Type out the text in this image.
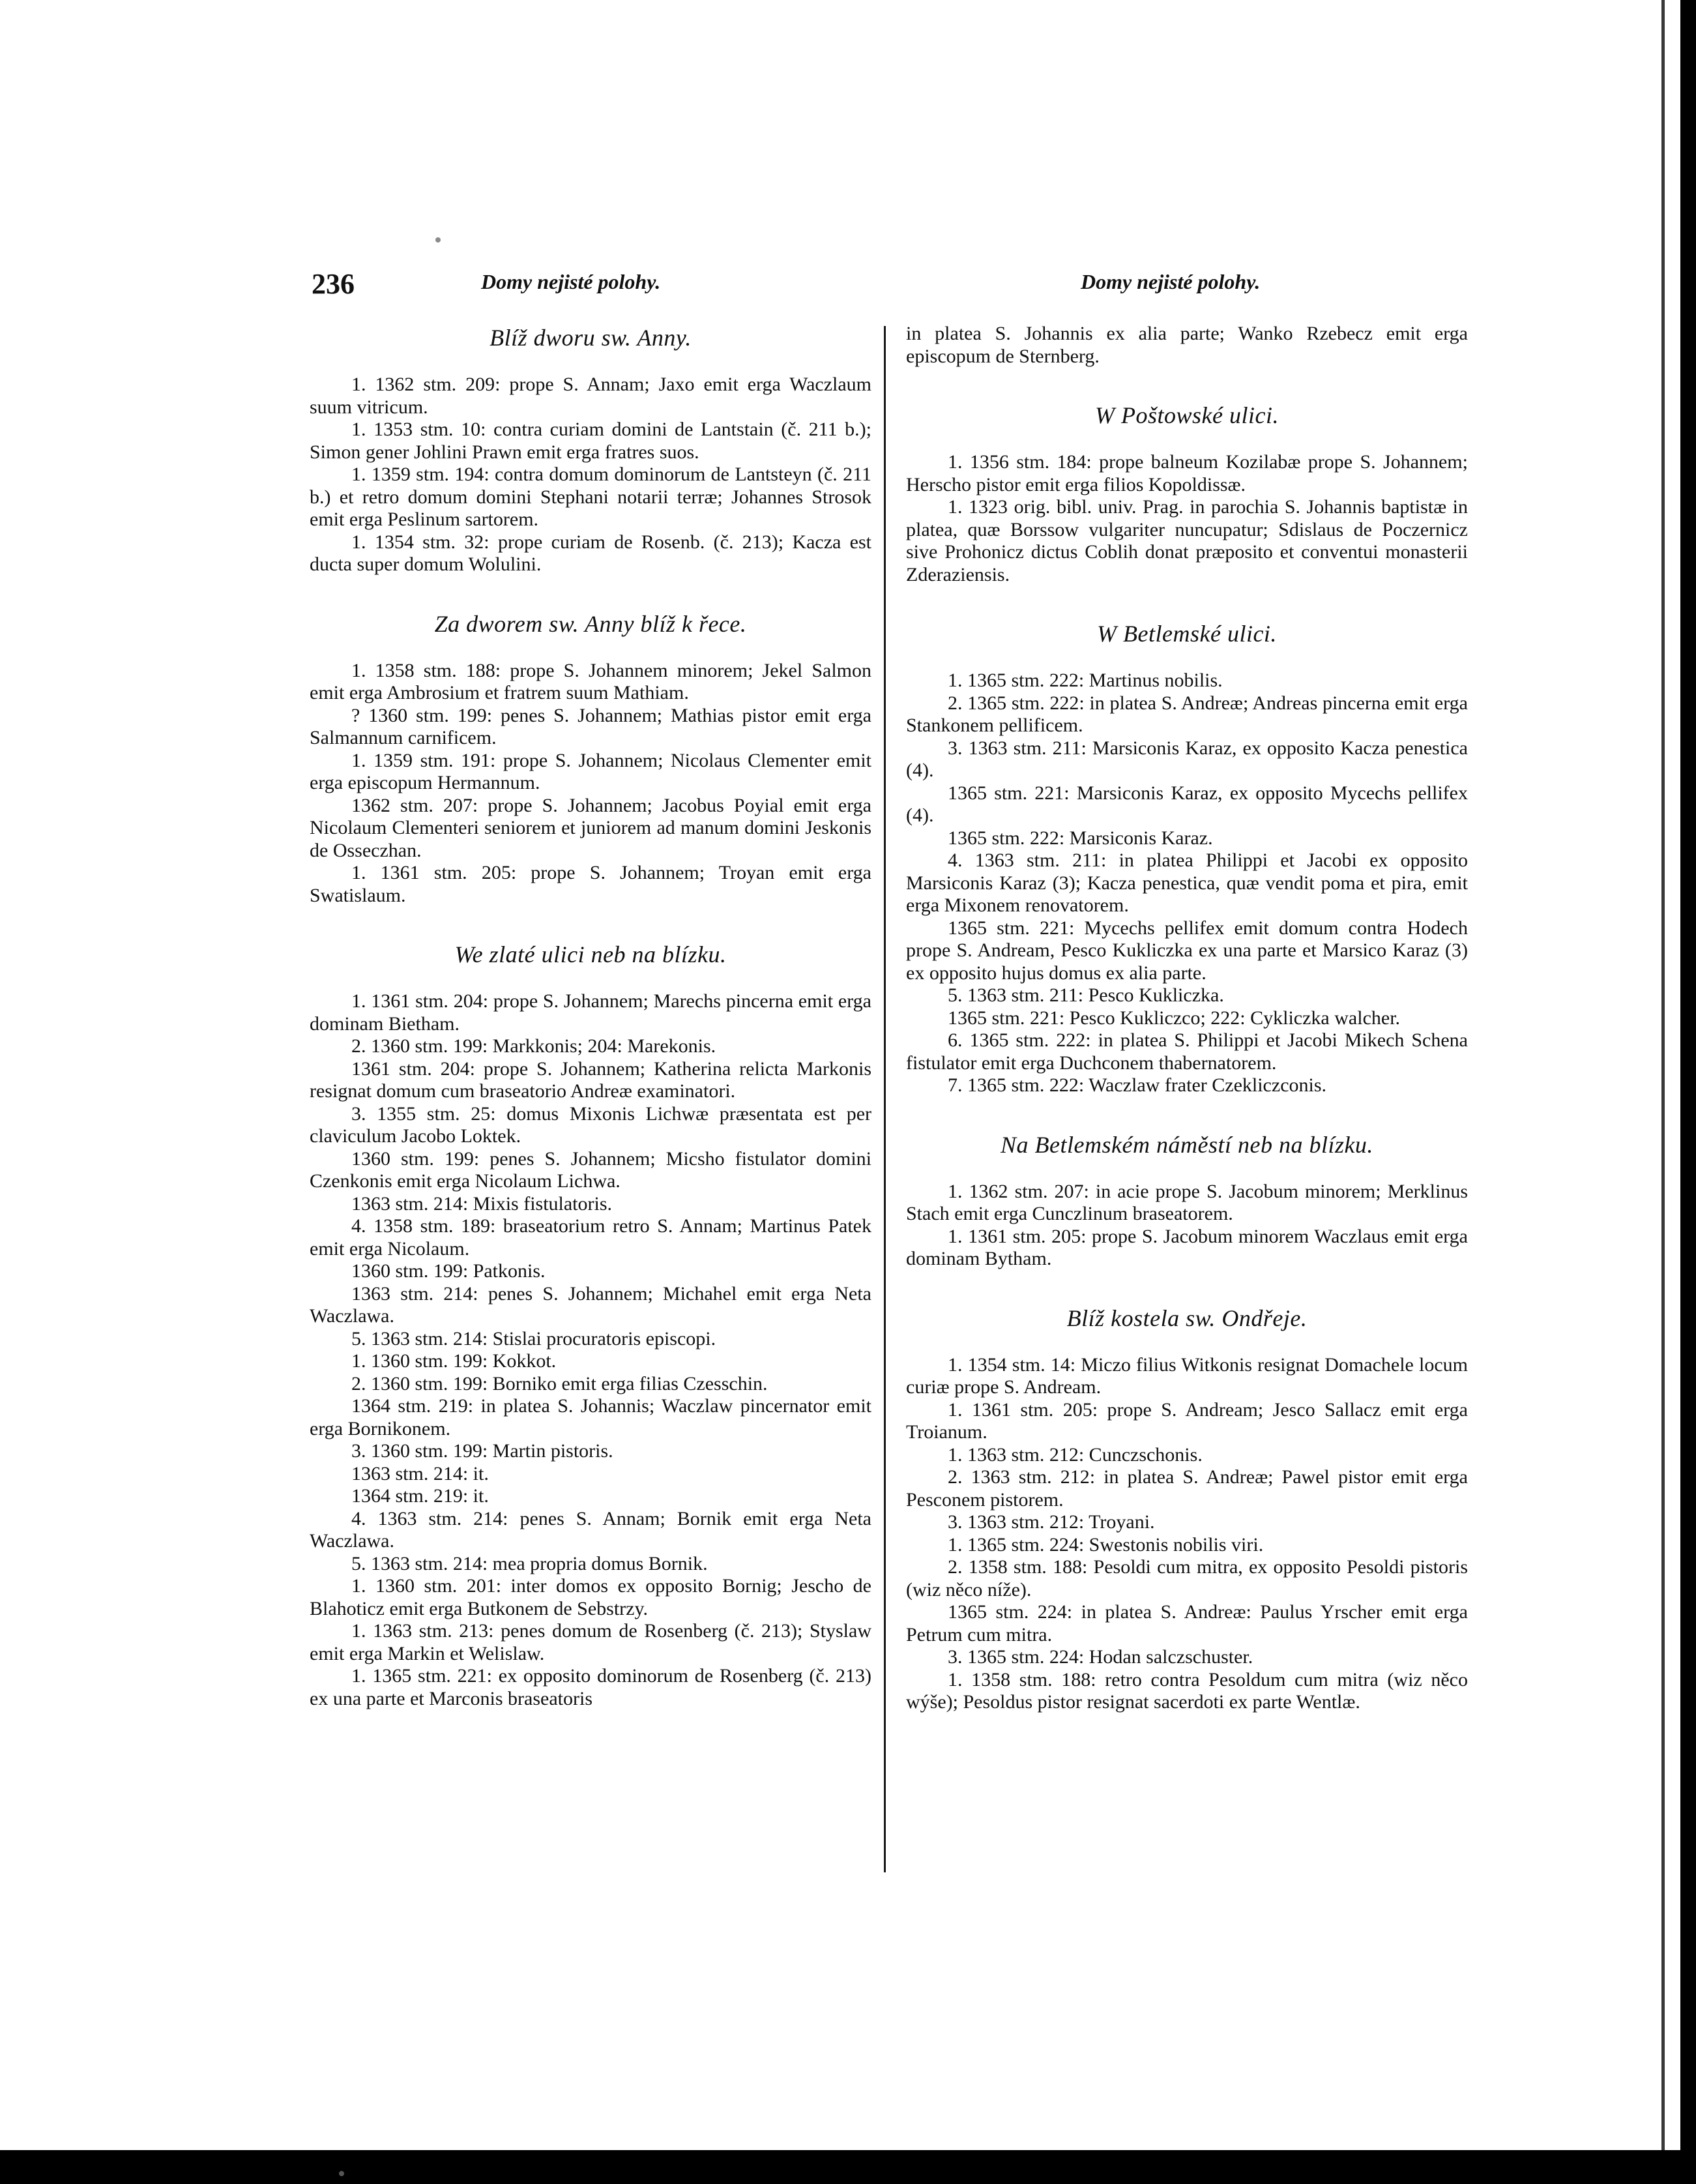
236	Domy nejisté polohy.	Domy nejisté polohy.
Blíž dworu sw. Anny.

1. 1362 stm. 209: prope S. Annam; Jaxo emit erga Waczlaum suum vitricum.

1. 1353 stm. 10: contra curiam domini de Lantstain (č. 211 b.); Simon gener Johlini Prawn emit erga fratres suos.

1. 1359 stm. 194: contra domum dominorum de Lantsteyn (č. 211 b.) et retro domum domini Stephani notarii terræ; Johannes Strosok emit erga Peslinum sartorem.

1. 1354 stm. 32: prope curiam de Rosenb. (č. 213); Kacza est ducta super domum Wolulini.

Za dworem sw. Anny blíž k řece.

1. 1358 stm. 188: prope S. Johannem minorem; Jekel Salmon emit erga Ambrosium et fratrem suum Mathiam.

? 1360 stm. 199: penes S. Johannem; Mathias pistor emit erga Salmannum carnificem.

1. 1359 stm. 191: prope S. Johannem; Nicolaus Clementer emit erga episcopum Hermannum.

1362 stm. 207: prope S. Johannem; Jacobus Poyial emit erga Nicolaum Clementeri seniorem et juniorem ad manum domini Jeskonis de Osseczhan.

1. 1361 stm. 205: prope S. Johannem; Troyan emit erga Swatislaum.

We zlaté ulici neb na blízku.

1. 1361 stm. 204: prope S. Johannem; Marechs pincerna emit erga dominam Bietham.

2. 1360 stm. 199: Markkonis; 204: Marekonis.

1361 stm. 204: prope S. Johannem; Katherina relicta Markonis resignat domum cum braseatorio Andreæ examinatori.

3. 1355 stm. 25: domus Mixonis Lichwæ præsentata est per claviculum Jacobo Loktek.

1360 stm. 199: penes S. Johannem; Micsho fistulator domini Czenkonis emit erga Nicolaum Lichwa.

1363 stm. 214: Mixis fistulatoris.

4. 1358 stm. 189: braseatorium retro S. Annam; Martinus Patek emit erga Nicolaum.

1360 stm. 199: Patkonis.

1363 stm. 214: penes S. Johannem; Michahel emit erga Neta Waczlawa.

5. 1363 stm. 214: Stislai procuratoris episcopi.

1. 1360 stm. 199: Kokkot.

2. 1360 stm. 199: Borniko emit erga filias Czesschin.

1364 stm. 219: in platea S. Johannis; Waczlaw pincernator emit erga Bornikonem.

3. 1360 stm. 199: Martin pistoris.

1363 stm. 214: it.

1364 stm. 219: it.

4. 1363 stm. 214: penes S. Annam; Bornik emit erga Neta Waczlawa.

5. 1363 stm. 214: mea propria domus Bornik.

1. 1360 stm. 201: inter domos ex opposito Bornig; Jescho de Blahoticz emit erga Butkonem de Sebstrzy.

1. 1363 stm. 213: penes domum de Rosenberg (č. 213); Styslaw emit erga Markin et Welislaw.

1. 1365 stm. 221: ex opposito dominorum de Rosenberg (č. 213) ex una parte et Marconis braseatoris

in platea S. Johannis ex alia parte; Wanko Rzebecz emit erga episcopum de Sternberg.

W Poštowské ulici.

1. 1356 stm. 184: prope balneum Kozilabæ prope S. Johannem; Herscho pistor emit erga filios Kopoldissæ.

1. 1323 orig. bibl. univ. Prag. in parochia S. Johannis baptistæ in platea, quæ Borssow vulgariter nuncupatur; Sdislaus de Poczernicz sive Prohonicz dictus Coblih donat præposito et conventui monasterii Zderaziensis.

W Betlemské ulici.

1. 1365 stm. 222: Martinus nobilis.

2. 1365 stm. 222: in platea S. Andreæ; Andreas pincerna emit erga Stankonem pellificem.

3. 1363 stm. 211: Marsiconis Karaz, ex opposito Kacza penestica (4).

1365 stm. 221: Marsiconis Karaz, ex opposito Mycechs pellifex (4).

1365 stm. 222: Marsiconis Karaz.

4. 1363 stm. 211: in platea Philippi et Jacobi ex opposito Marsiconis Karaz (3); Kacza penestica, quæ vendit poma et pira, emit erga Mixonem renovatorem.

1365 stm. 221: Mycechs pellifex emit domum contra Hodech prope S. Andream, Pesco Kukliczka ex una parte et Marsico Karaz (3) ex opposito hujus domus ex alia parte.

5. 1363 stm. 211: Pesco Kukliczka.

1365 stm. 221: Pesco Kukliczco; 222: Cykliczka walcher.

6. 1365 stm. 222: in platea S. Philippi et Jacobi Mikech Schena fistulator emit erga Duchconem thabernatorem.

7. 1365 stm. 222: Waczlaw frater Czekliczconis.

Na Betlemském náměstí neb na blízku.

1. 1362 stm. 207: in acie prope S. Jacobum minorem; Merklinus Stach emit erga Cunczlinum braseatorem.

1. 1361 stm. 205: prope S. Jacobum minorem Waczlaus emit erga dominam Bytham.

Blíž kostela sw. Ondřeje.

1. 1354 stm. 14: Miczo filius Witkonis resignat Domachele locum curiæ prope S. Andream.

1. 1361 stm. 205: prope S. Andream; Jesco Sallacz emit erga Troianum.

1. 1363 stm. 212: Cunczschonis.

2. 1363 stm. 212: in platea S. Andreæ; Pawel pistor emit erga Pesconem pistorem.

3. 1363 stm. 212: Troyani.

1. 1365 stm. 224: Swestonis nobilis viri.

2. 1358 stm. 188: Pesoldi cum mitra, ex opposito Pesoldi pistoris (wiz něco níže).

1365 stm. 224: in platea S. Andreæ: Paulus Yrscher emit erga Petrum cum mitra.

3. 1365 stm. 224: Hodan salczschuster.

1. 1358 stm. 188: retro contra Pesoldum cum mitra (wiz něco wýše); Pesoldus pistor resignat sacerdoti ex parte Wentlæ.
